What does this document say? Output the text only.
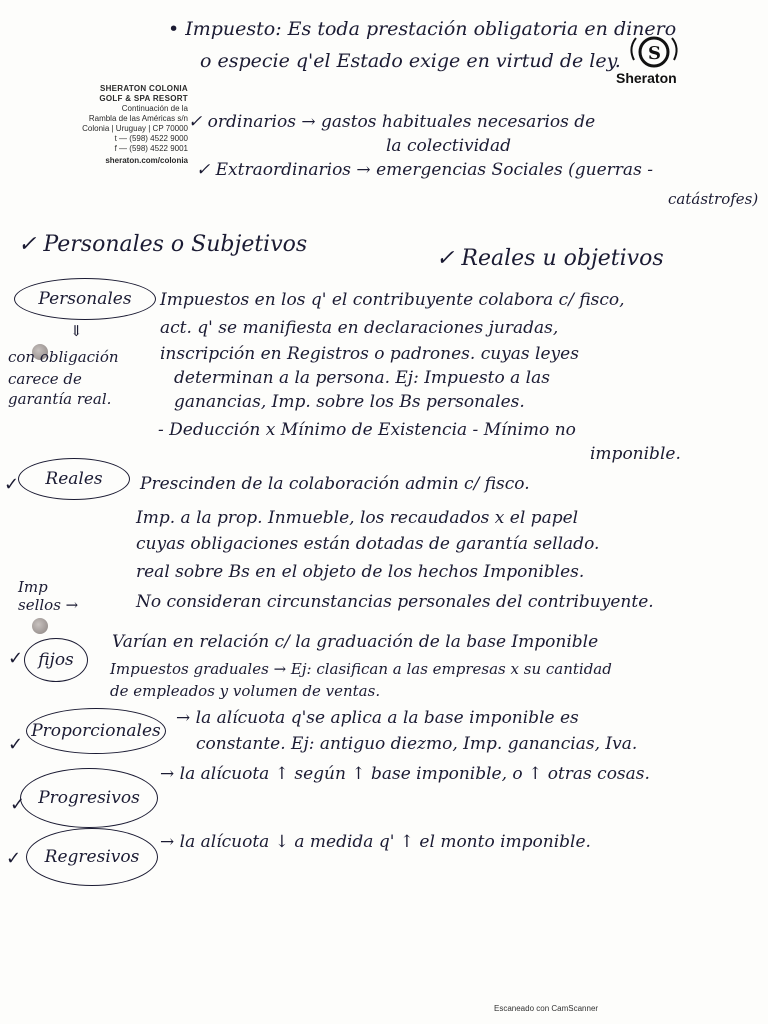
SHERATON COLONIA
GOLF & SPA RESORT
Continuación de la
Rambla de las Américas s/n
Colonia | Uruguay | CP 70000
t — (598) 4522 9000
f — (598) 4522 9001
sheraton.com/colonia
S
Sheraton
• Impuesto: Es toda prestación obligatoria en dinero
o especie q'el Estado exige en virtud de ley.
✓ ordinarios → gastos habituales necesarios de
la colectividad
✓ Extraordinarios → emergencias Sociales (guerras -
catástrofes)
✓ Personales o Subjetivos
✓ Reales u objetivos
Personales Impuestos en los q' el contribuyente colabora c/ fisco,
act. q' se manifiesta en declaraciones juradas,
inscripción en Registros o padrones. cuyas leyes
determinan a la persona. Ej: Impuesto a las
ganancias, Imp. sobre los Bs personales.
- Deducción x Mínimo de Existencia - Mínimo no
imponible.
⇓
con obligación
carece de
garantía real.
✓ Reales Prescinden de la colaboración admin c/ fisco.
Imp. a la prop. Inmueble, los recaudados x el papel
cuyas obligaciones están dotadas de garantía sellado.
real sobre Bs en el objeto de los hechos Imponibles.
No consideran circunstancias personales del contribuyente.
Imp
sellos →
✓ fijos
Varían en relación c/ la graduación de la base Imponible
Impuestos graduales → Ej: clasifican a las empresas x su cantidad
de empleados y volumen de ventas.
✓
Proporcionales
→ la alícuota q'se aplica a la base imponible es
constante. Ej: antiguo diezmo, Imp. ganancias, Iva.
✓ Progresivos
→ la alícuota ↑ según ↑ base imponible, o ↑ otras cosas.
✓ Regresivos
→ la alícuota ↓ a medida q' ↑ el monto imponible.
Escaneado con CamScanner
